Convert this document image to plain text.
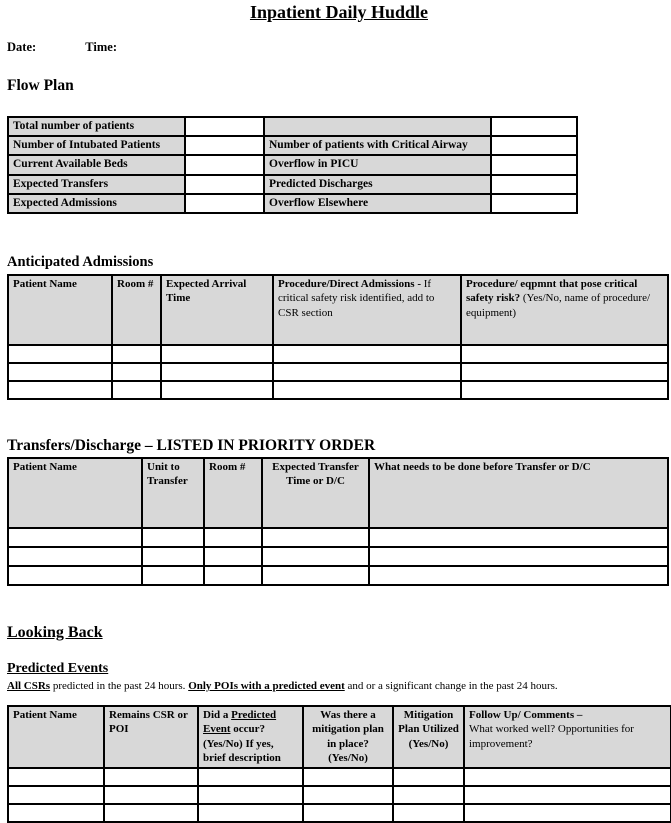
Inpatient Daily Huddle
Date:	Time:
Flow Plan
Total number of patients			
Number of Intubated Patients		Number of patients with Critical Airway	
Current Available Beds		Overflow in PICU	
Expected Transfers		Predicted Discharges	
Expected Admissions		Overflow Elsewhere	
Anticipated Admissions
Patient Name	Room #	Expected Arrival Time	Procedure/Direct Admissions - If critical safety risk identified, add to CSR section	Procedure/ eqpmnt that pose critical safety risk? (Yes/No, name of procedure/ equipment)

Transfers/Discharge – LISTED IN PRIORITY ORDER
Patient Name	Unit to Transfer	Room #	Expected Transfer Time or D/C	What needs to be done before Transfer or D/C

Looking Back
Predicted Events
All CSRs predicted in the past 24 hours. Only POIs with a predicted event and or a significant change in the past 24 hours.
Patient Name	Remains CSR or POI	Did a Predicted Event occur? (Yes/No) If yes, brief description	Was there a mitigation plan in place? (Yes/No)	Mitigation Plan Utilized (Yes/No)	Follow Up/ Comments –
What worked well? Opportunities for improvement?
